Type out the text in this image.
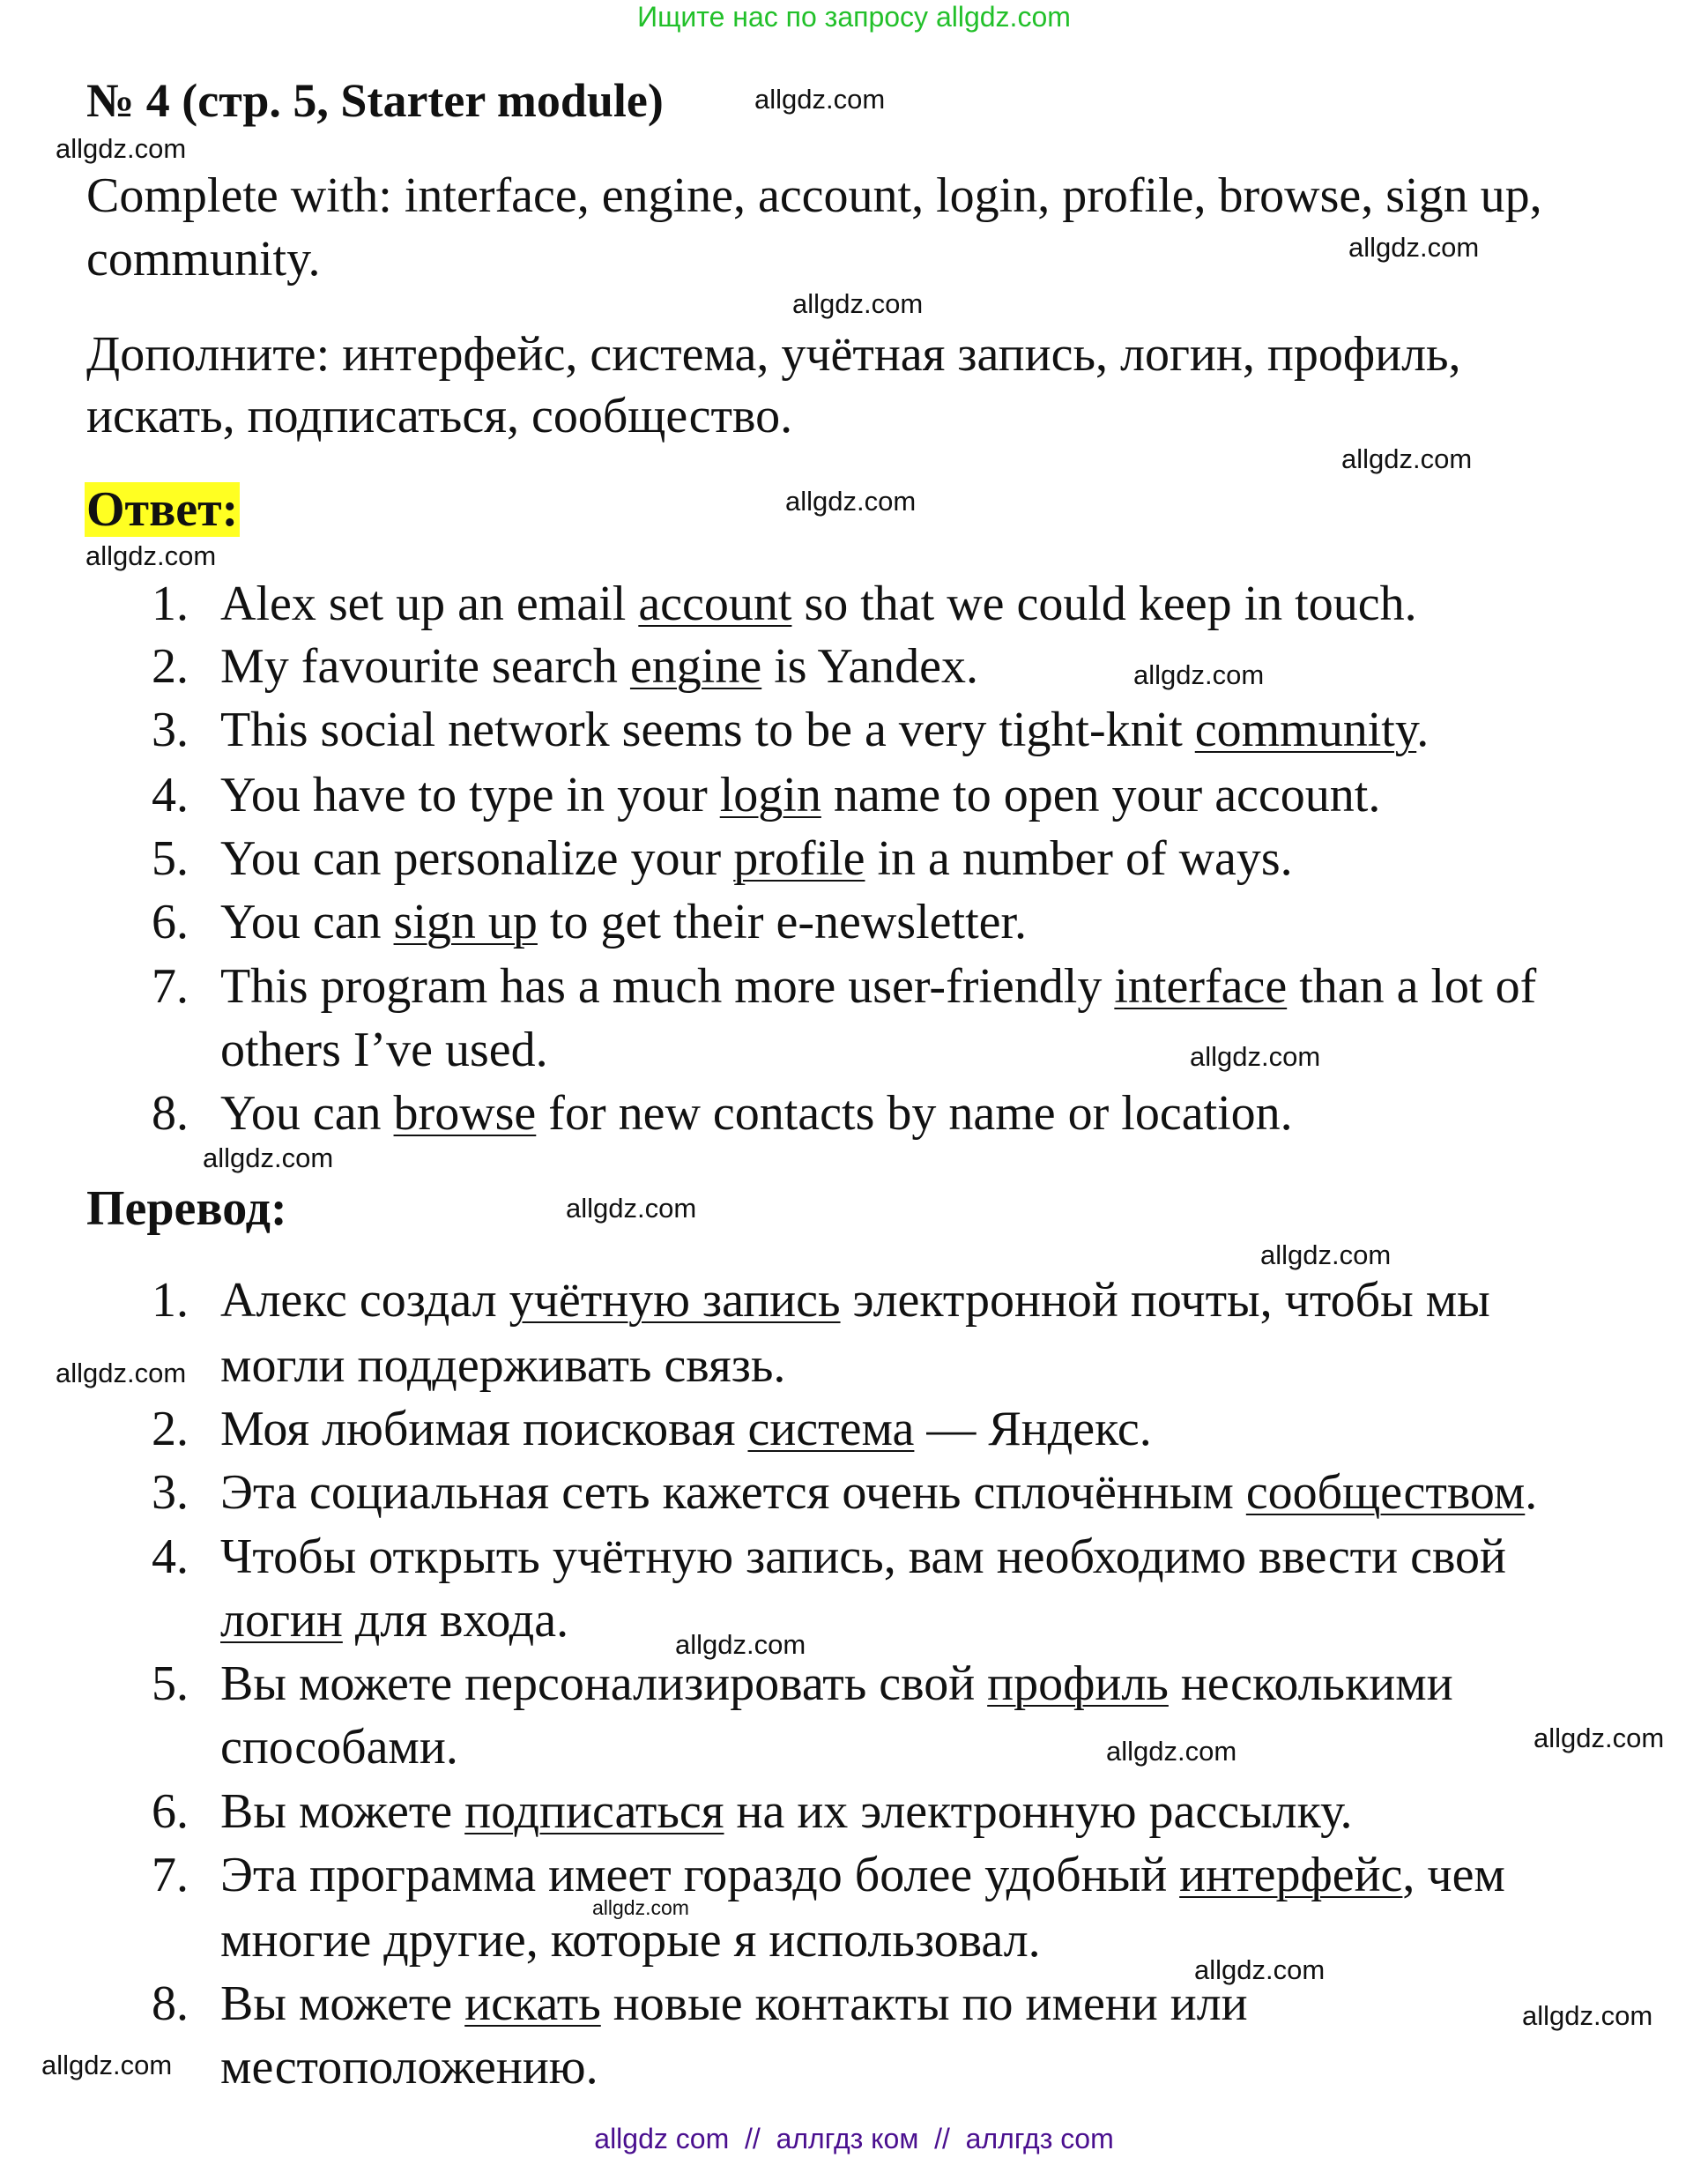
Ищите нас по запросу allgdz.com
№ 4 (стр. 5, Starter module)
Complete with: interface, engine, account, login, profile, browse, sign up,
community.
Дополните: интерфейс, система, учётная запись, логин, профиль,
искать, подписаться, сообщество.
Ответ:
1. Alex set up an email account so that we could keep in touch.
2. My favourite search engine is Yandex.
3. This social network seems to be a very tight-knit community.
4. You have to type in your login name to open your account.
5. You can personalize your profile in a number of ways.
6. You can sign up to get their e-newsletter.
7. This program has a much more user-friendly interface than a lot of
others I’ve used.
8. You can browse for new contacts by name or location.
Перевод:
1. Алекс создал учётную запись электронной почты, чтобы мы
могли поддерживать связь.
2. Моя любимая поисковая система — Яндекс.
3. Эта социальная сеть кажется очень сплочённым сообществом.
4. Чтобы открыть учётную запись, вам необходимо ввести свой
логин для входа.
5. Вы можете персонализировать свой профиль несколькими
способами.
6. Вы можете подписаться на их электронную рассылку.
7. Эта программа имеет гораздо более удобный интерфейс, чем
многие другие, которые я использовал.
8. Вы можете искать новые контакты по имени или
местоположению.
allgdz.com
allgdz.com
allgdz.com
allgdz.com
allgdz.com
allgdz.com
allgdz.com
allgdz.com
allgdz.com
allgdz.com
allgdz.com
allgdz.com
allgdz.com
allgdz.com
allgdz.com
allgdz.com
allgdz.com
allgdz.com
allgdz.com
allgdz.com
allgdz com  //  аллгдз ком  //  аллгдз com
